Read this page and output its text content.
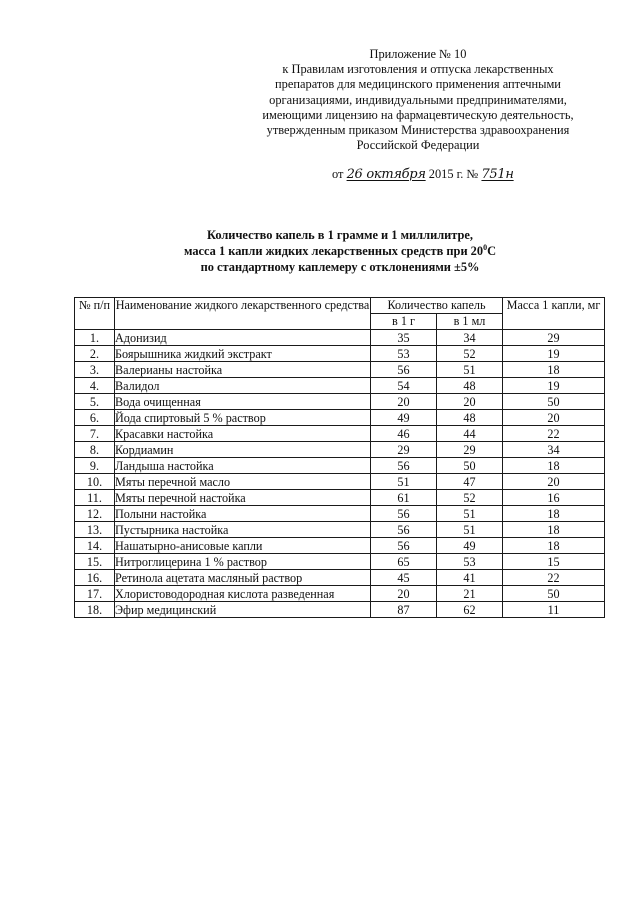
Приложение № 10
к Правилам изготовления и отпуска лекарственных
препаратов для медицинского применения аптечными
организациями, индивидуальными предпринимателями,
имеющими лицензию на фармацевтическую деятельность,
утвержденным приказом Министерства здравоохранения
Российской Федерации
от 26 октября 2015 г. № 751н
Количество капель в 1 грамме и 1 миллилитре,
масса 1 капли жидких лекарственных средств при $20^0С$
по стандартному каплемеру с отклонениями ±5%
№ п/п	Наименование жидкого лекарственного средства	Количество капель		Масса 1 капли, мг
		в 1 г	в 1 мл	
1.	Адонизид	35	34	29
2.	Боярышника жидкий экстракт	53	52	19
3.	Валерианы настойка	56	51	18
4.	Валидол	54	48	19
5.	Вода очищенная	20	20	50
6.	Йода спиртовый 5 % раствор	49	48	20
7.	Красавки настойка	46	44	22
8.	Кордиамин	29	29	34
9.	Ландыша настойка	56	50	18
10.	Мяты перечной масло	51	47	20
11.	Мяты перечной настойка	61	52	16
12.	Полыни настойка	56	51	18
13.	Пустырника настойка	56	51	18
14.	Нашатырно-анисовые капли	56	49	18
15.	Нитроглицерина 1 % раствор	65	53	15
16.	Ретинола ацетата масляный раствор	45	41	22
17.	Хлористоводородная кислота разведенная	20	21	50
18.	Эфир медицинский	87	62	11
